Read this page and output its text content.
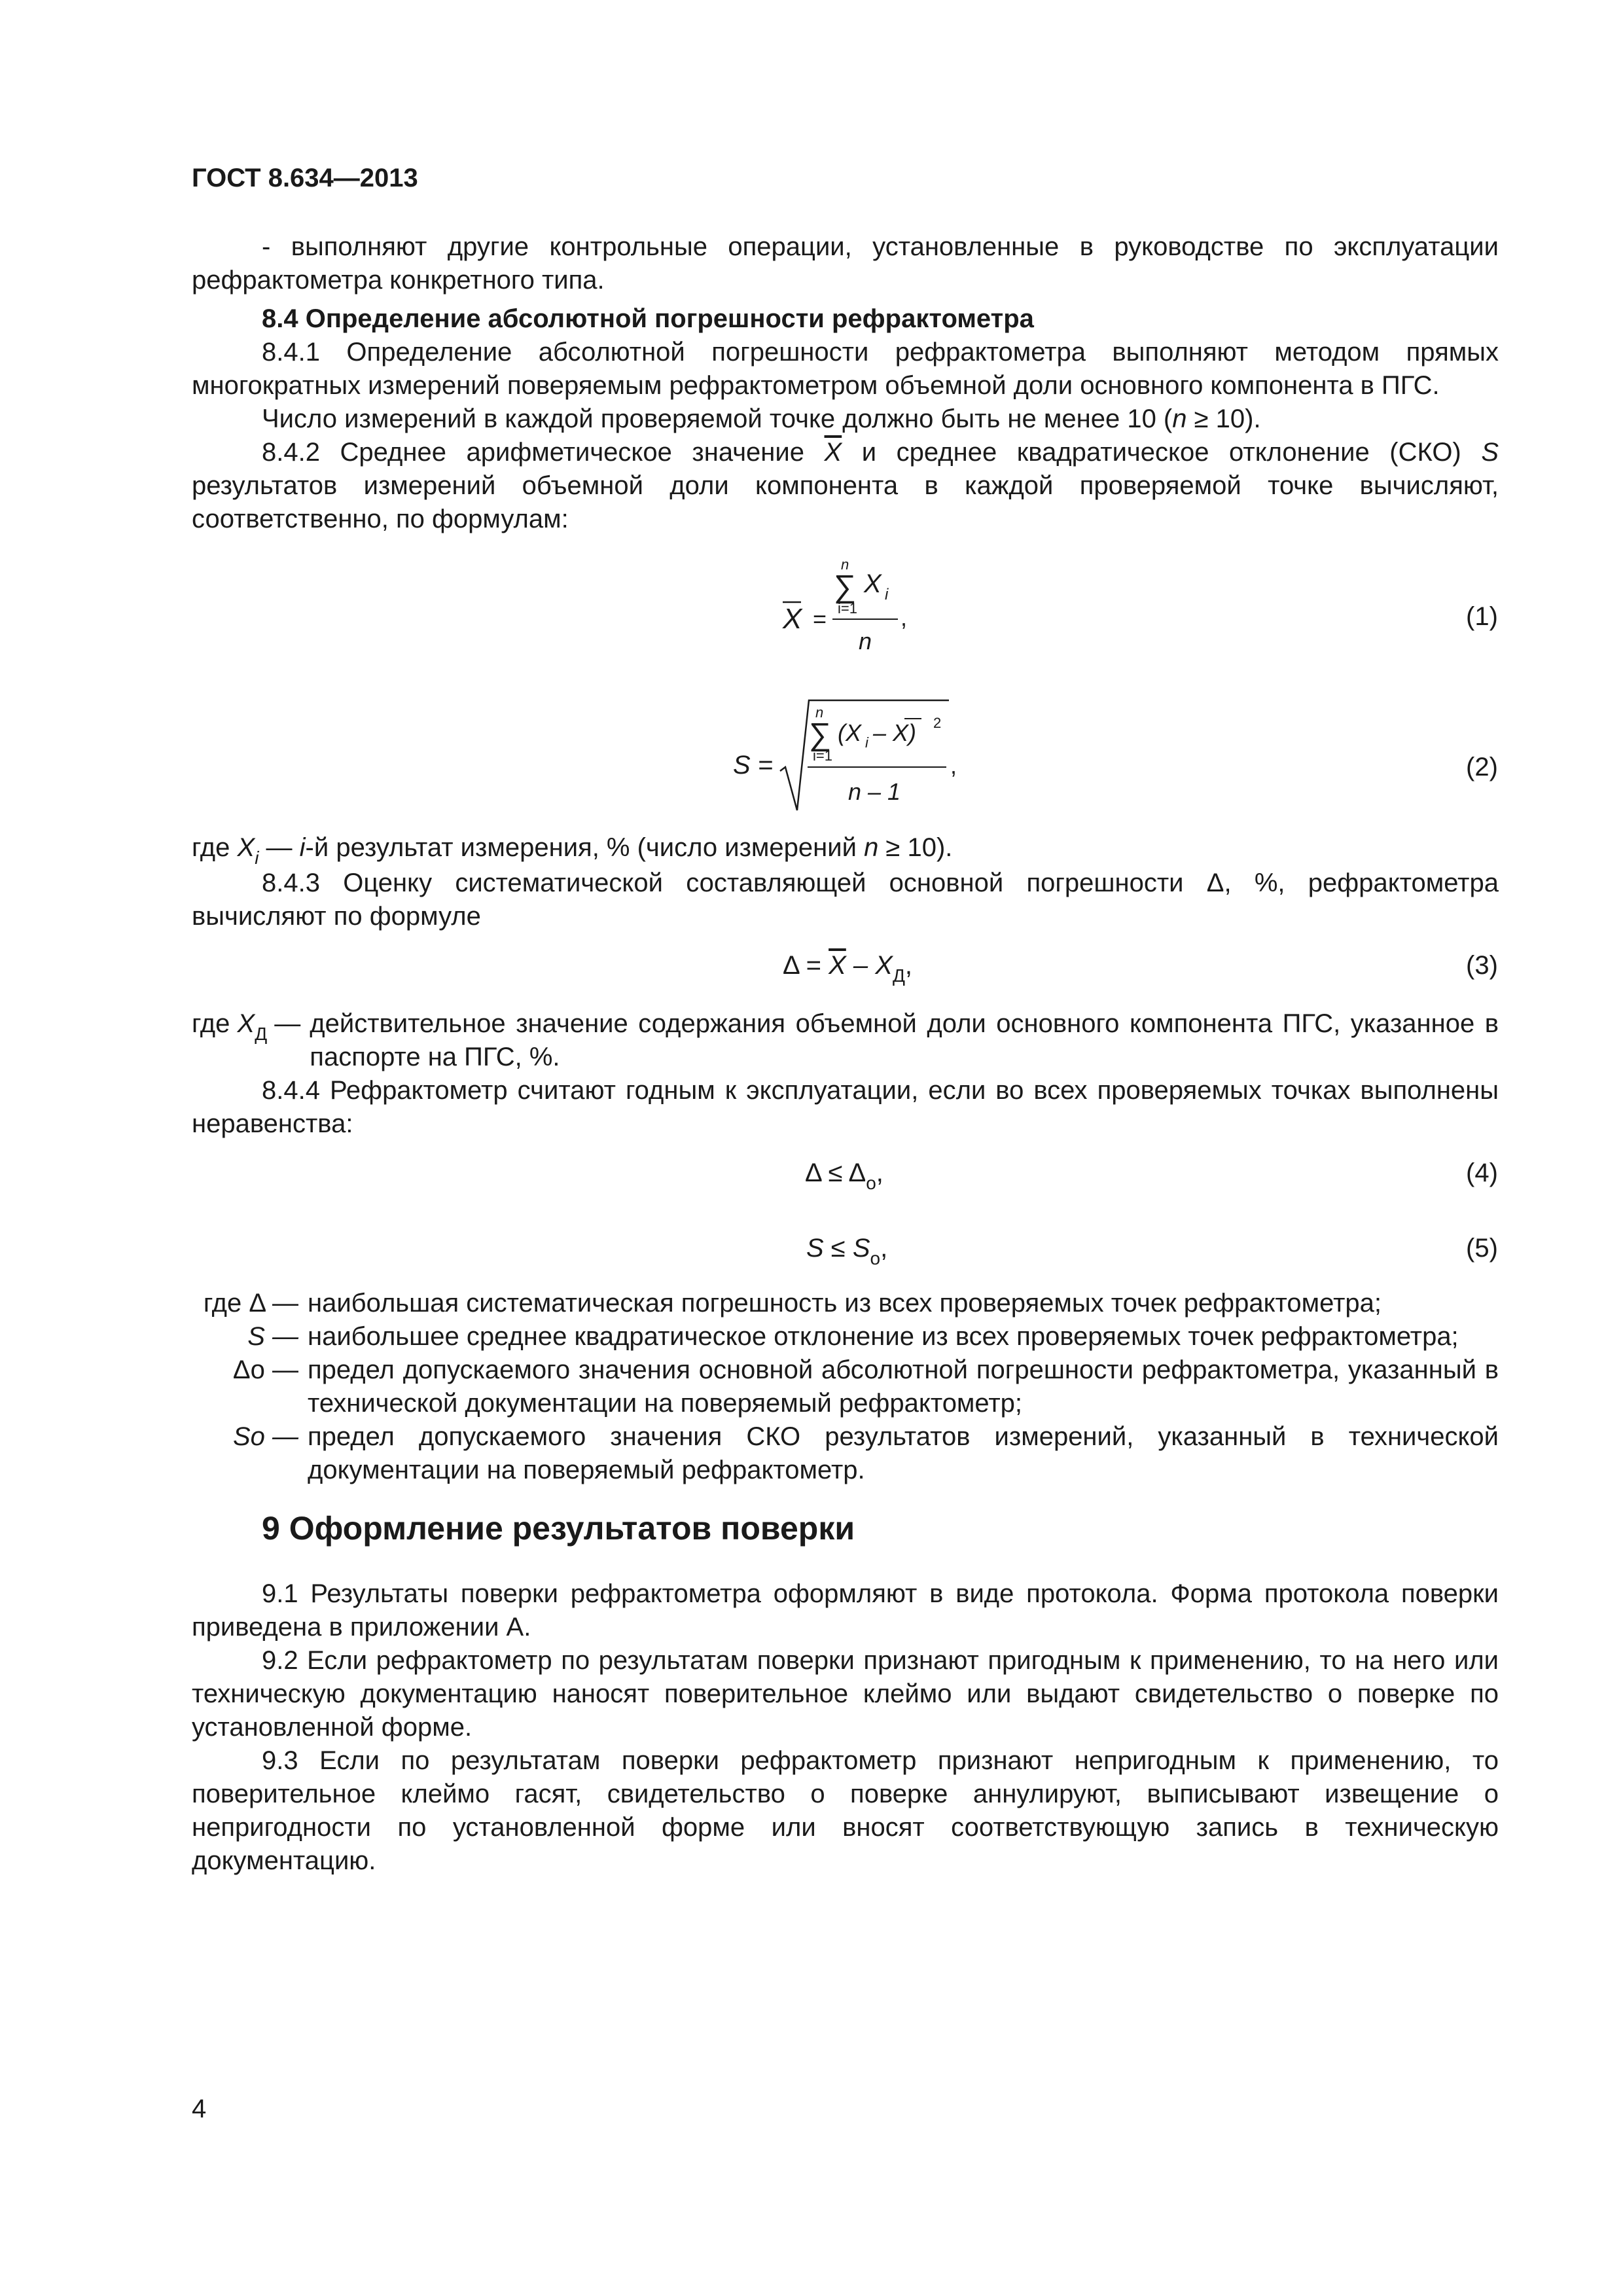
ГОСТ 8.634—2013

- выполняют другие контрольные операции, установленные в руководстве по эксплуатации рефрактометра конкретного типа.

8.4 Определение абсолютной погрешности рефрактометра

8.4.1 Определение абсолютной погрешности рефрактометра выполняют методом прямых многократных измерений поверяемым рефрактометром объемной доли основного компонента в ПГС.

Число измерений в каждой проверяемой точке должно быть не менее 10 (n ≥ 10).

8.4.2 Среднее арифметическое значение $\overline{X}$ и среднее квадратическое отклонение (СКО) S результатов измерений объемной доли компонента в каждой проверяемой точке вычисляют, соответственно, по формулам:

X =
n
∑
i=1
X i
n
,	(1)
S =
n
∑
i=1
(X i – X) 2
n – 1
,	(2)

где $X_i$ — i-й результат измерения, % (число измерений n ≥ 10).

8.4.3 Оценку систематической составляющей основной погрешности Δ, %, рефрактометра вычисляют по формуле

$\Delta = \overline{X} - X_Д$,	(3)
где $X_Д$ — действительное значение содержания объемной доли основного компонента ПГС, указанное в паспорте на ПГС, %.

8.4.4 Рефрактометр считают годным к эксплуатации, если во всех проверяемых точках выполнены неравенства:

$\Delta \le \Delta_о$,	(4)
$S \le S_о$,	(5)
где Δ — наибольшая систематическая погрешность из всех проверяемых точек рефрактометра;
S — наибольшее среднее квадратическое отклонение из всех проверяемых точек рефрактометра;
Δо — предел допускаемого значения основной абсолютной погрешности рефрактометра, указанный в технической документации на поверяемый рефрактометр;
Sо — предел допускаемого значения СКО результатов измерений, указанный в технической документации на поверяемый рефрактометр.
9 Оформление результатов поверки

9.1 Результаты поверки рефрактометра оформляют в виде протокола. Форма протокола поверки приведена в приложении А.

9.2 Если рефрактометр по результатам поверки признают пригодным к применению, то на него или техническую документацию наносят поверительное клеймо или выдают свидетельство о поверке по установленной форме.

9.3 Если по результатам поверки рефрактометр признают непригодным к применению, то поверительное клеймо гасят, свидетельство о поверке аннулируют, выписывают извещение о непригодности по установленной форме или вносят соответствующую запись в техническую документацию.

4
